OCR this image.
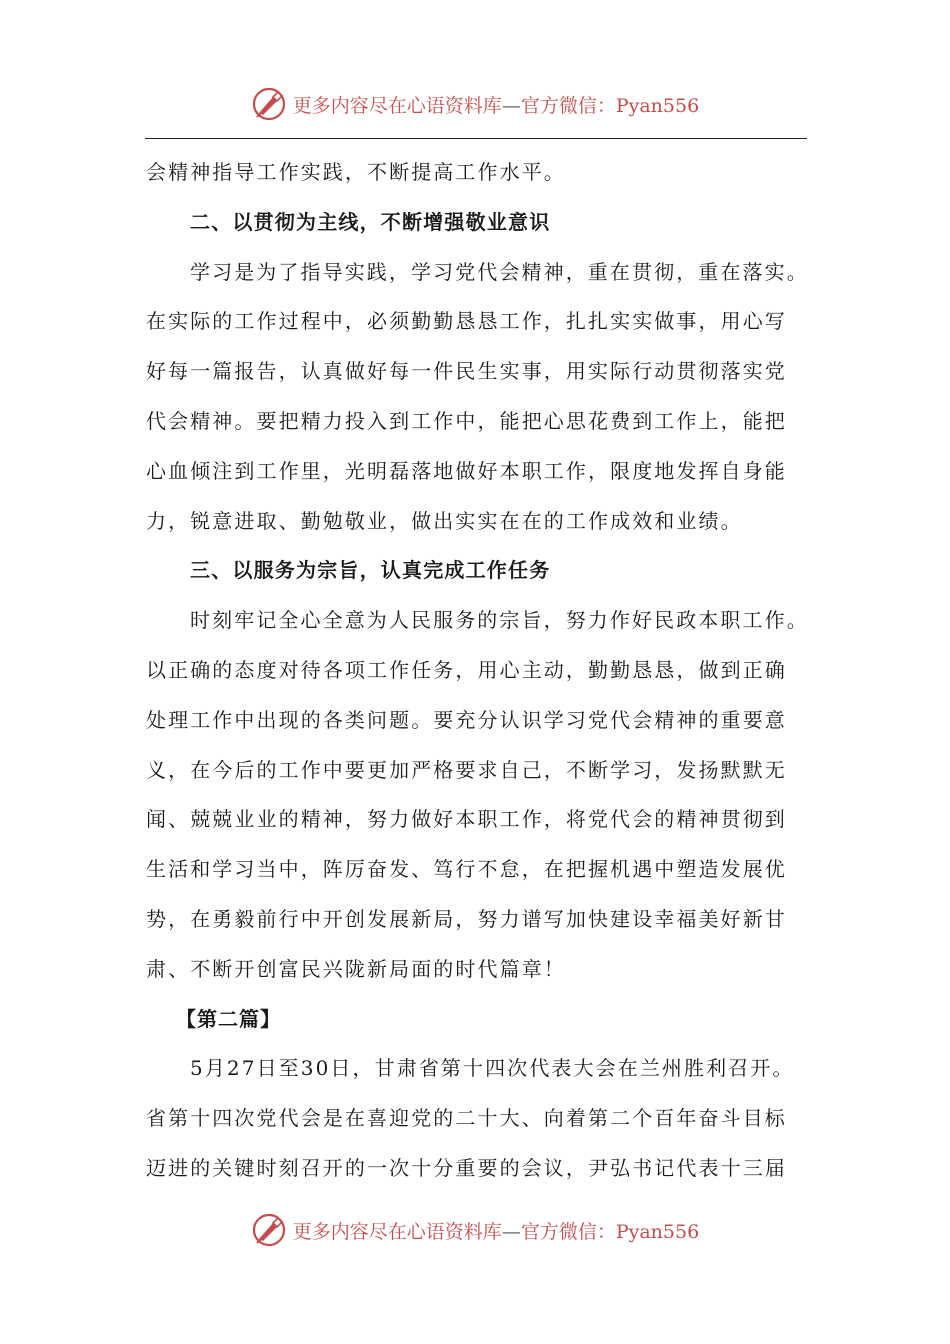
更多内容尽在心语资料库—官方微信：Pyan556
会精神指导工作实践，不断提高工作水平。
二、以贯彻为主线，不断增强敬业意识
学习是为了指导实践，学习党代会精神，重在贯彻，重在落实。
在实际的工作过程中，必须勤勤恳恳工作，扎扎实实做事，用心写
好每一篇报告，认真做好每一件民生实事，用实际行动贯彻落实党
代会精神。要把精力投入到工作中，能把心思花费到工作上，能把
心血倾注到工作里，光明磊落地做好本职工作，限度地发挥自身能
力，锐意进取、勤勉敬业，做出实实在在的工作成效和业绩。
三、以服务为宗旨，认真完成工作任务
时刻牢记全心全意为人民服务的宗旨，努力作好民政本职工作。
以正确的态度对待各项工作任务，用心主动，勤勤恳恳，做到正确
处理工作中出现的各类问题。要充分认识学习党代会精神的重要意
义，在今后的工作中要更加严格要求自己，不断学习，发扬默默无
闻、兢兢业业的精神，努力做好本职工作，将党代会的精神贯彻到
生活和学习当中，阵厉奋发、笃行不怠，在把握机遇中塑造发展优
势，在勇毅前行中开创发展新局，努力谱写加快建设幸福美好新甘
肃、不断开创富民兴陇新局面的时代篇章！
【第二篇】
5月27日至30日，甘肃省第十四次代表大会在兰州胜利召开。
省第十四次党代会是在喜迎党的二十大、向着第二个百年奋斗目标
迈进的关键时刻召开的一次十分重要的会议，尹弘书记代表十三届
更多内容尽在心语资料库—官方微信：Pyan556
